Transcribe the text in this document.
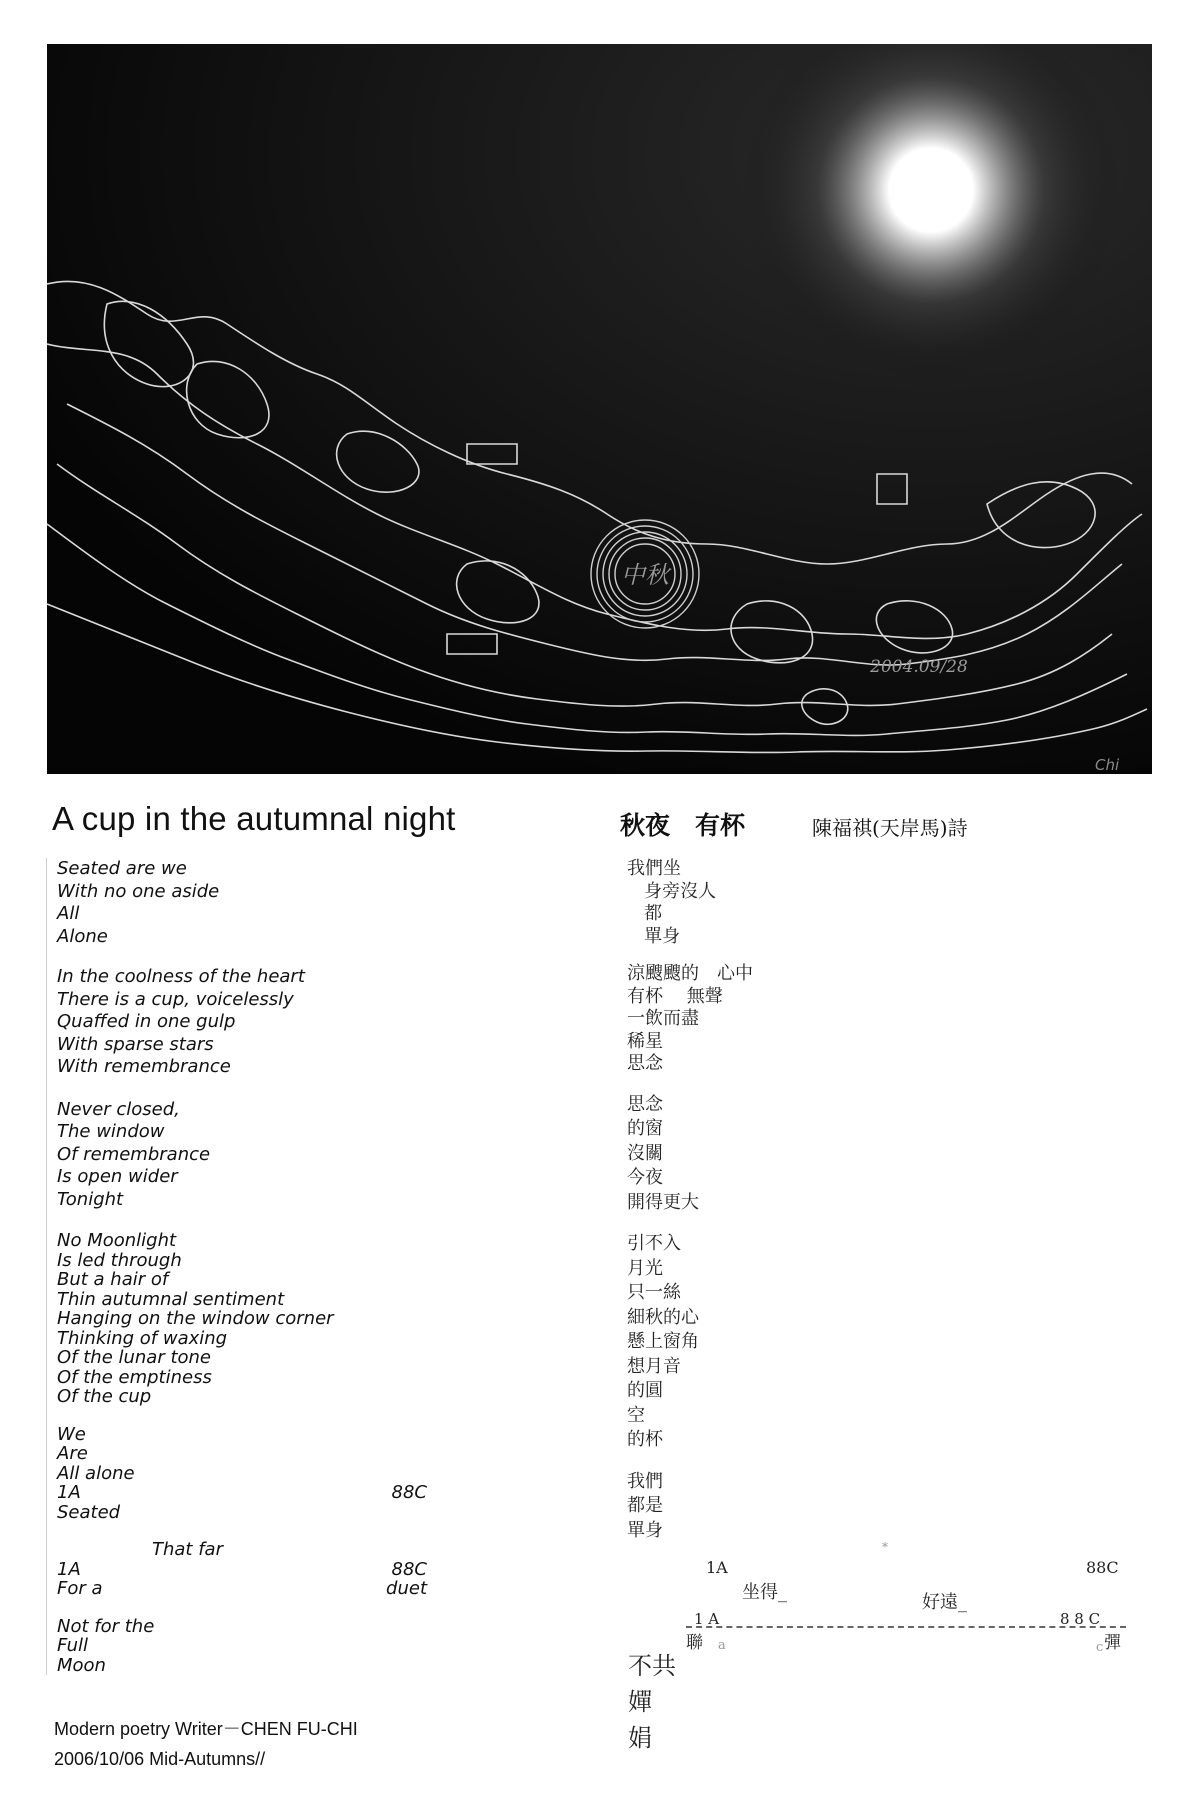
中秋
2004.09/28
Chi
A cup in the autumnal night
Seated are we
With no one aside
All
Alone
In the coolness of the heart
There is a cup, voicelessly
Quaffed in one gulp
With sparse stars
With remembrance
Never closed,
The window
Of remembrance
Is open wider
Tonight
No Moonlight
Is led through
But a hair of
Thin autumnal sentiment
Hanging on the window corner
Thinking of waxing
Of the lunar tone
Of the emptiness
Of the cup
We
Are
All alone
1A	88C
Seated
That far
1A	88C
For a	duet
Not for the
Full
Moon
Modern poetry Writer－CHEN FU-CHI
2006/10/06 Mid-Autumns//
秋夜　有杯	陳福祺(天岸馬)詩
我們坐
身旁沒人
都
單身
涼颼颼的　心中
有杯　 無聲
一飲而盡
稀星
思念
思念
的窗
沒關
今夜
開得更大
引不入
月光
只一絲
細秋的心
懸上窗角
想月音
的圓
空
的杯
我們
都是
單身
*
1A	88C
坐得_	好遠_
1 A	8 8 C
聯	彈
a	c
不共
嬋
娟
